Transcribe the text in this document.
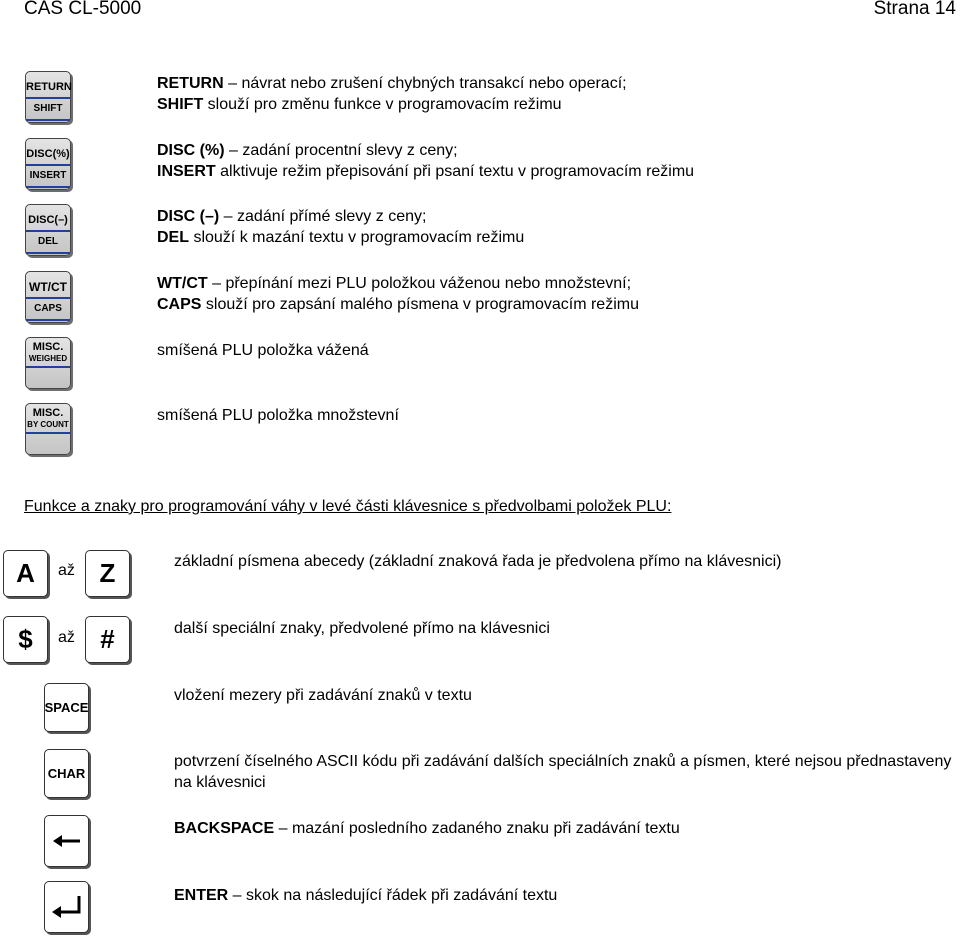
CAS CL-5000	Strana 14
RETURN
SHIFT
RETURN – návrat nebo zrušení chybných transakcí nebo operací;
SHIFT slouží pro změnu funkce v programovacím režimu
DISC(%)
INSERT
DISC (%) – zadání procentní slevy z ceny;
INSERT alktivuje režim přepisování při psaní textu v programovacím režimu
DISC(–)
DEL
DISC (–) – zadání přímé slevy z ceny;
DEL slouží k mazání textu v programovacím režimu
WT/CT
CAPS
WT/CT – přepínání mezi PLU položkou váženou nebo množstevní;
CAPS slouží pro zapsání malého písmena v programovacím režimu
MISC.
WEIGHED	smíšená PLU položka vážená
MISC.
BY COUNT
smíšená PLU položka množstevní
Funkce a znaky pro programování váhy v levé části klávesnice s předvolbami položek PLU:
A	až Z	základní písmena abecedy (základní znaková řada je předvolena přímo na klávesnici)
$	až #	další speciální znaky, předvolené přímo na klávesnici
SPACE
vložení mezery při zadávání znaků v textu
CHAR
potvrzení číselného ASCII kódu při zadávání dalších speciálních znaků a písmen, které nejsou přednastaveny na klávesnici
BACKSPACE – mazání posledního zadaného znaku při zadávání textu
ENTER – skok na následující řádek při zadávání textu
